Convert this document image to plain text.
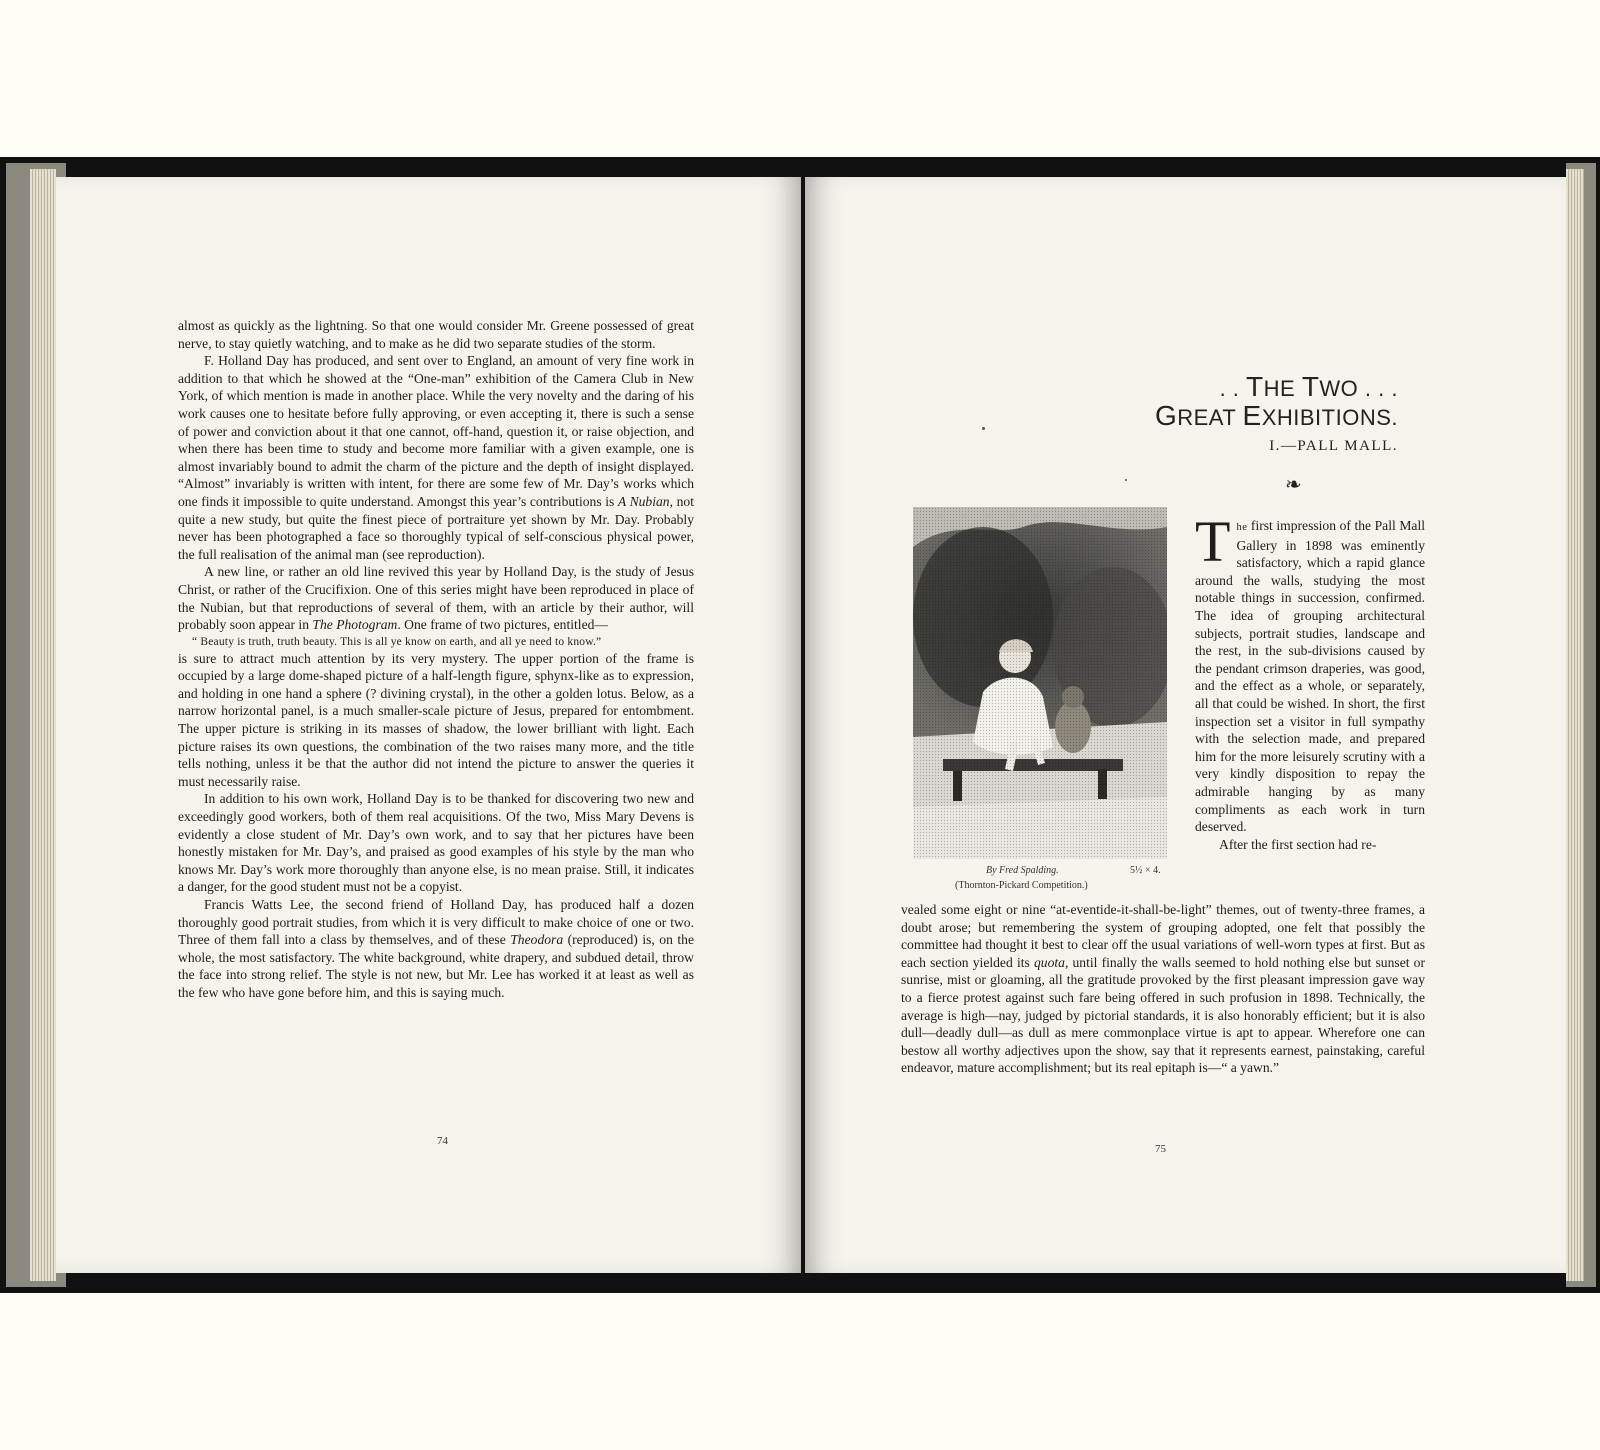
almost as quickly as the lightning. So that one would consider Mr. Greene possessed of great nerve, to stay quietly watching, and to make as he did two separate studies of the storm.

F. Holland Day has produced, and sent over to England, an amount of very fine work in addition to that which he showed at the “One-man” exhibition of the Camera Club in New York, of which mention is made in another place. While the very novelty and the daring of his work causes one to hesitate before fully approving, or even accepting it, there is such a sense of power and conviction about it that one cannot, off-hand, question it, or raise objection, and when there has been time to study and become more familiar with a given example, one is almost invariably bound to admit the charm of the picture and the depth of insight displayed. “Almost” invariably is written with intent, for there are some few of Mr. Day’s works which one finds it impossible to quite understand. Amongst this year’s contributions is A Nubian, not quite a new study, but quite the finest piece of portraiture yet shown by Mr. Day. Probably never has been photographed a face so thoroughly typical of self-conscious physical power, the full realisation of the animal man (see reproduction).

A new line, or rather an old line revived this year by Holland Day, is the study of Jesus Christ, or rather of the Crucifixion. One of this series might have been reproduced in place of the Nubian, but that reproductions of several of them, with an article by their author, will probably soon appear in The Photogram. One frame of two pictures, entitled—

“ Beauty is truth, truth beauty. This is all ye know on earth, and all ye need to know.”

is sure to attract much attention by its very mystery. The upper portion of the frame is occupied by a large dome-shaped picture of a half-length figure, sphynx-like as to expression, and holding in one hand a sphere (? divining crystal), in the other a golden lotus. Below, as a narrow horizontal panel, is a much smaller-scale picture of Jesus, prepared for entombment. The upper picture is striking in its masses of shadow, the lower brilliant with light. Each picture raises its own questions, the combination of the two raises many more, and the title tells nothing, unless it be that the author did not intend the picture to answer the queries it must necessarily raise.

In addition to his own work, Holland Day is to be thanked for discovering two new and exceedingly good workers, both of them real acquisitions. Of the two, Miss Mary Devens is evidently a close student of Mr. Day’s own work, and to say that her pictures have been honestly mistaken for Mr. Day’s, and praised as good examples of his style by the man who knows Mr. Day’s work more thoroughly than anyone else, is no mean praise. Still, it indicates a danger, for the good student must not be a copyist.

Francis Watts Lee, the second friend of Holland Day, has produced half a dozen thoroughly good portrait studies, from which it is very difficult to make choice of one or two. Three of them fall into a class by themselves, and of these Theodora (reproduced) is, on the whole, the most satisfactory. The white background, white drapery, and subdued detail, throw the face into strong relief. The style is not new, but Mr. Lee has worked it at least as well as the few who have gone before him, and this is saying much.

74
. . THE TWO . . .
GREAT EXHIBITIONS.
I.—PALL MALL.
❧
By Fred Spalding.	5½ × 4.
(Thornton-Pickard Competition.)

The first impression of the Pall Mall Gallery in 1898 was eminently satisfactory, which a rapid glance around the walls, studying the most notable things in succession, confirmed. The idea of grouping architectural subjects, portrait studies, landscape and the rest, in the sub-divisions caused by the pendant crimson draperies, was good, and the effect as a whole, or separately, all that could be wished. In short, the first inspection set a visitor in full sympathy with the selection made, and prepared him for the more leisurely scrutiny with a very kindly disposition to repay the admirable hanging by as many compliments as each work in turn deserved.

After the first section had re-

vealed some eight or nine “at-eventide-it-shall-be-light” themes, out of twenty-three frames, a doubt arose; but remembering the system of grouping adopted, one felt that possibly the committee had thought it best to clear off the usual variations of well-worn types at first. But as each section yielded its quota, until finally the walls seemed to hold nothing else but sunset or sunrise, mist or gloaming, all the gratitude provoked by the first pleasant impression gave way to a fierce protest against such fare being offered in such profusion in 1898. Technically, the average is high—nay, judged by pictorial standards, it is also honorably efficient; but it is also dull—deadly dull—as dull as mere commonplace virtue is apt to appear. Wherefore one can bestow all worthy adjectives upon the show, say that it represents earnest, painstaking, careful endeavor, mature accomplishment; but its real epitaph is—“ a yawn.”

75
